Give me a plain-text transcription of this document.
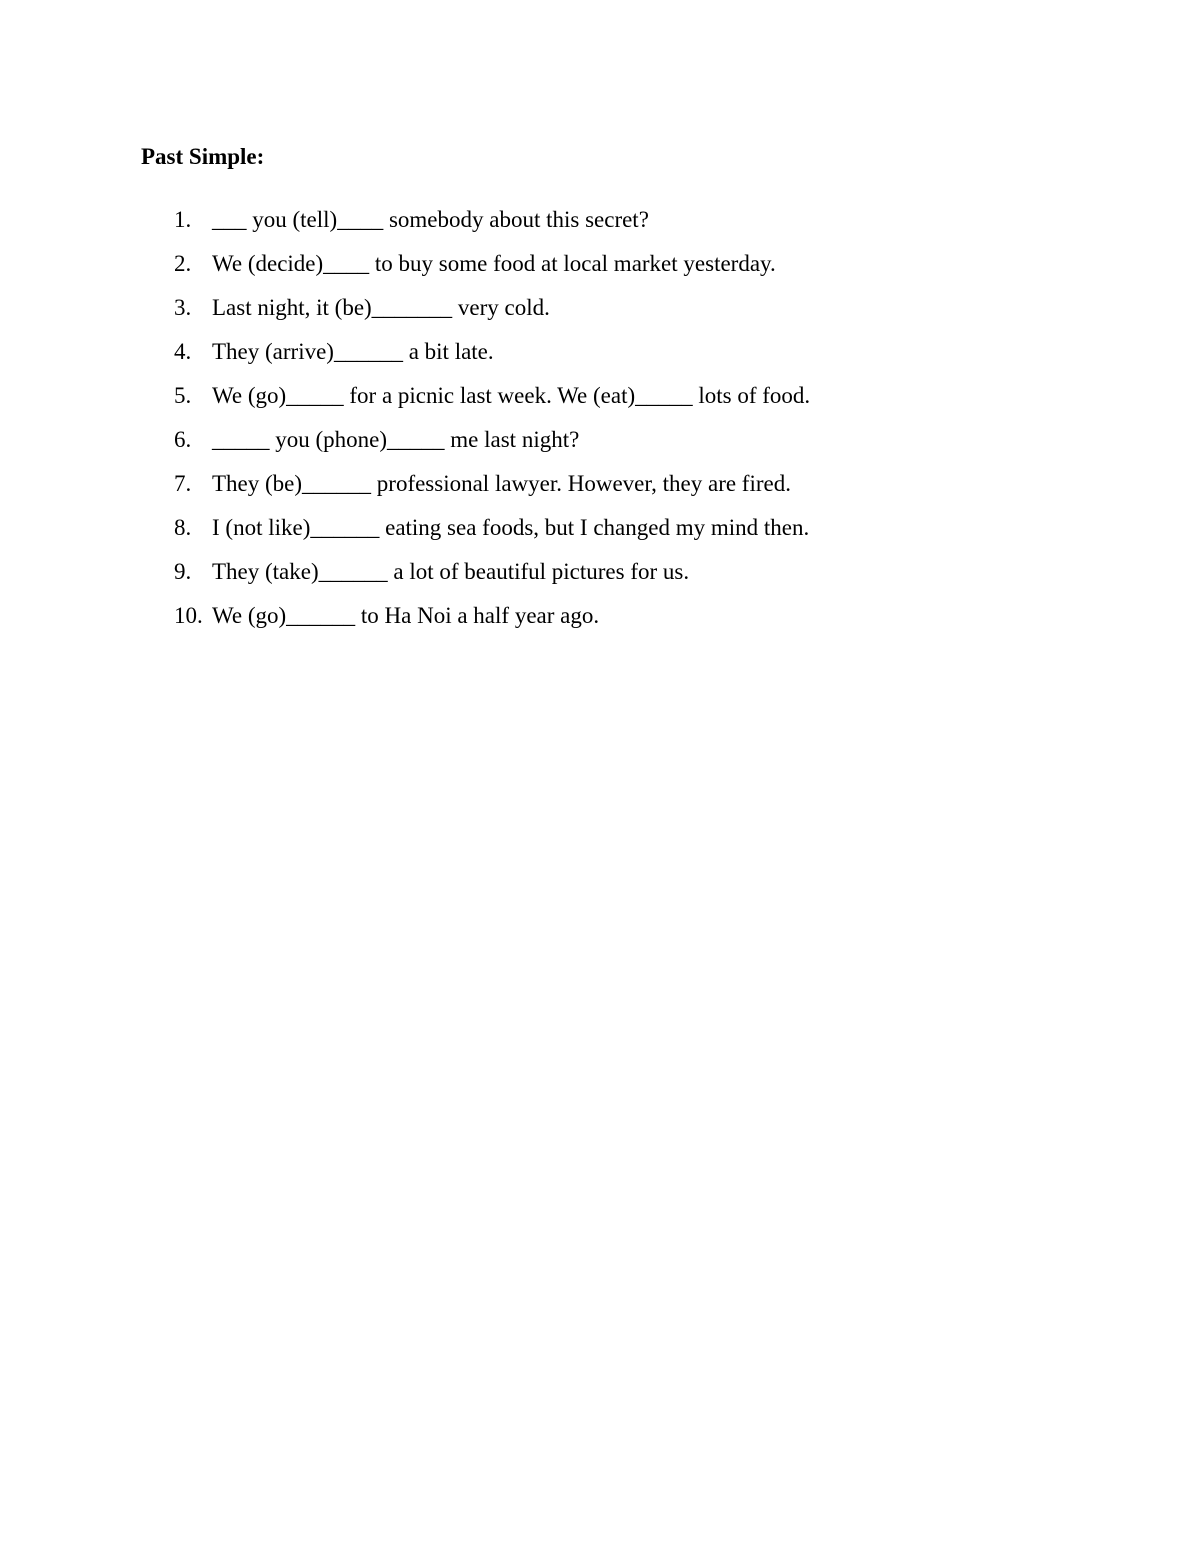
Past Simple:
1. ___ you (tell)____ somebody about this secret?
2. We (decide)____ to buy some food at local market yesterday.
3. Last night, it (be)_______ very cold.
4. They (arrive)______ a bit late.
5. We (go)_____ for a picnic last week. We (eat)_____ lots of food.
6. _____ you (phone)_____ me last night?
7. They (be)______ professional lawyer. However, they are fired.
8. I (not like)______ eating sea foods, but I changed my mind then.
9. They (take)______ a lot of beautiful pictures for us.
10. We (go)______ to Ha Noi a half year ago.
